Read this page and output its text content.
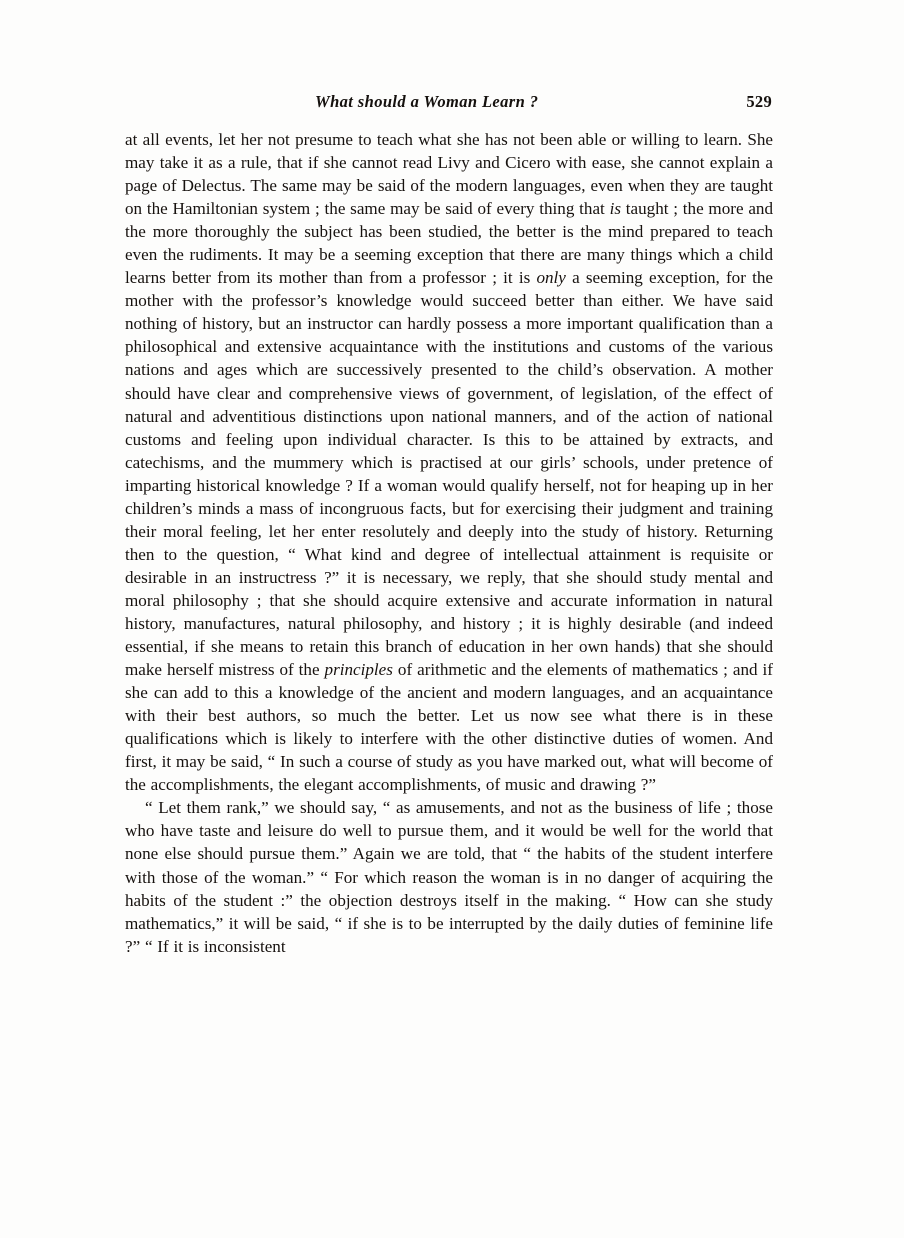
What should a Woman Learn ?	529

at all events, let her not presume to teach what she has not been able or willing to learn. She may take it as a rule, that if she cannot read Livy and Cicero with ease, she cannot explain a page of Delectus. The same may be said of the modern languages, even when they are taught on the Hamiltonian system ; the same may be said of every thing that is taught ; the more and the more thoroughly the subject has been studied, the better is the mind prepared to teach even the rudiments. It may be a seeming exception that there are many things which a child learns better from its mother than from a professor ; it is only a seeming exception, for the mother with the professor’s knowledge would succeed better than either. We have said nothing of history, but an instructor can hardly possess a more important qualification than a philosophical and extensive acquaintance with the institutions and customs of the various nations and ages which are successively presented to the child’s observation. A mother should have clear and comprehensive views of government, of legislation, of the effect of natural and adventitious distinctions upon national manners, and of the action of national customs and feeling upon individual character. Is this to be attained by extracts, and catechisms, and the mummery which is practised at our girls’ schools, under pretence of imparting historical knowledge ? If a woman would qualify herself, not for heaping up in her children’s minds a mass of incongruous facts, but for exercising their judgment and training their moral feeling, let her enter resolutely and deeply into the study of history. Returning then to the question, “ What kind and degree of intellectual attainment is requisite or desirable in an instructress ?” it is necessary, we reply, that she should study mental and moral philosophy ; that she should acquire extensive and accurate information in natural history, manufactures, natural philosophy, and history ; it is highly desirable (and indeed essential, if she means to retain this branch of education in her own hands) that she should make herself mistress of the principles of arithmetic and the elements of mathematics ; and if she can add to this a knowledge of the ancient and modern languages, and an acquaintance with their best authors, so much the better. Let us now see what there is in these qualifications which is likely to interfere with the other distinctive duties of women. And first, it may be said, “ In such a course of study as you have marked out, what will become of the accomplishments, the elegant accomplishments, of music and drawing ?”

“ Let them rank,” we should say, “ as amusements, and not as the business of life ; those who have taste and leisure do well to pursue them, and it would be well for the world that none else should pursue them.” Again we are told, that “ the habits of the student interfere with those of the woman.” “ For which reason the woman is in no danger of acquiring the habits of the student :” the objection destroys itself in the making. “ How can she study mathematics,” it will be said, “ if she is to be interrupted by the daily duties of feminine life ?” “ If it is inconsistent
